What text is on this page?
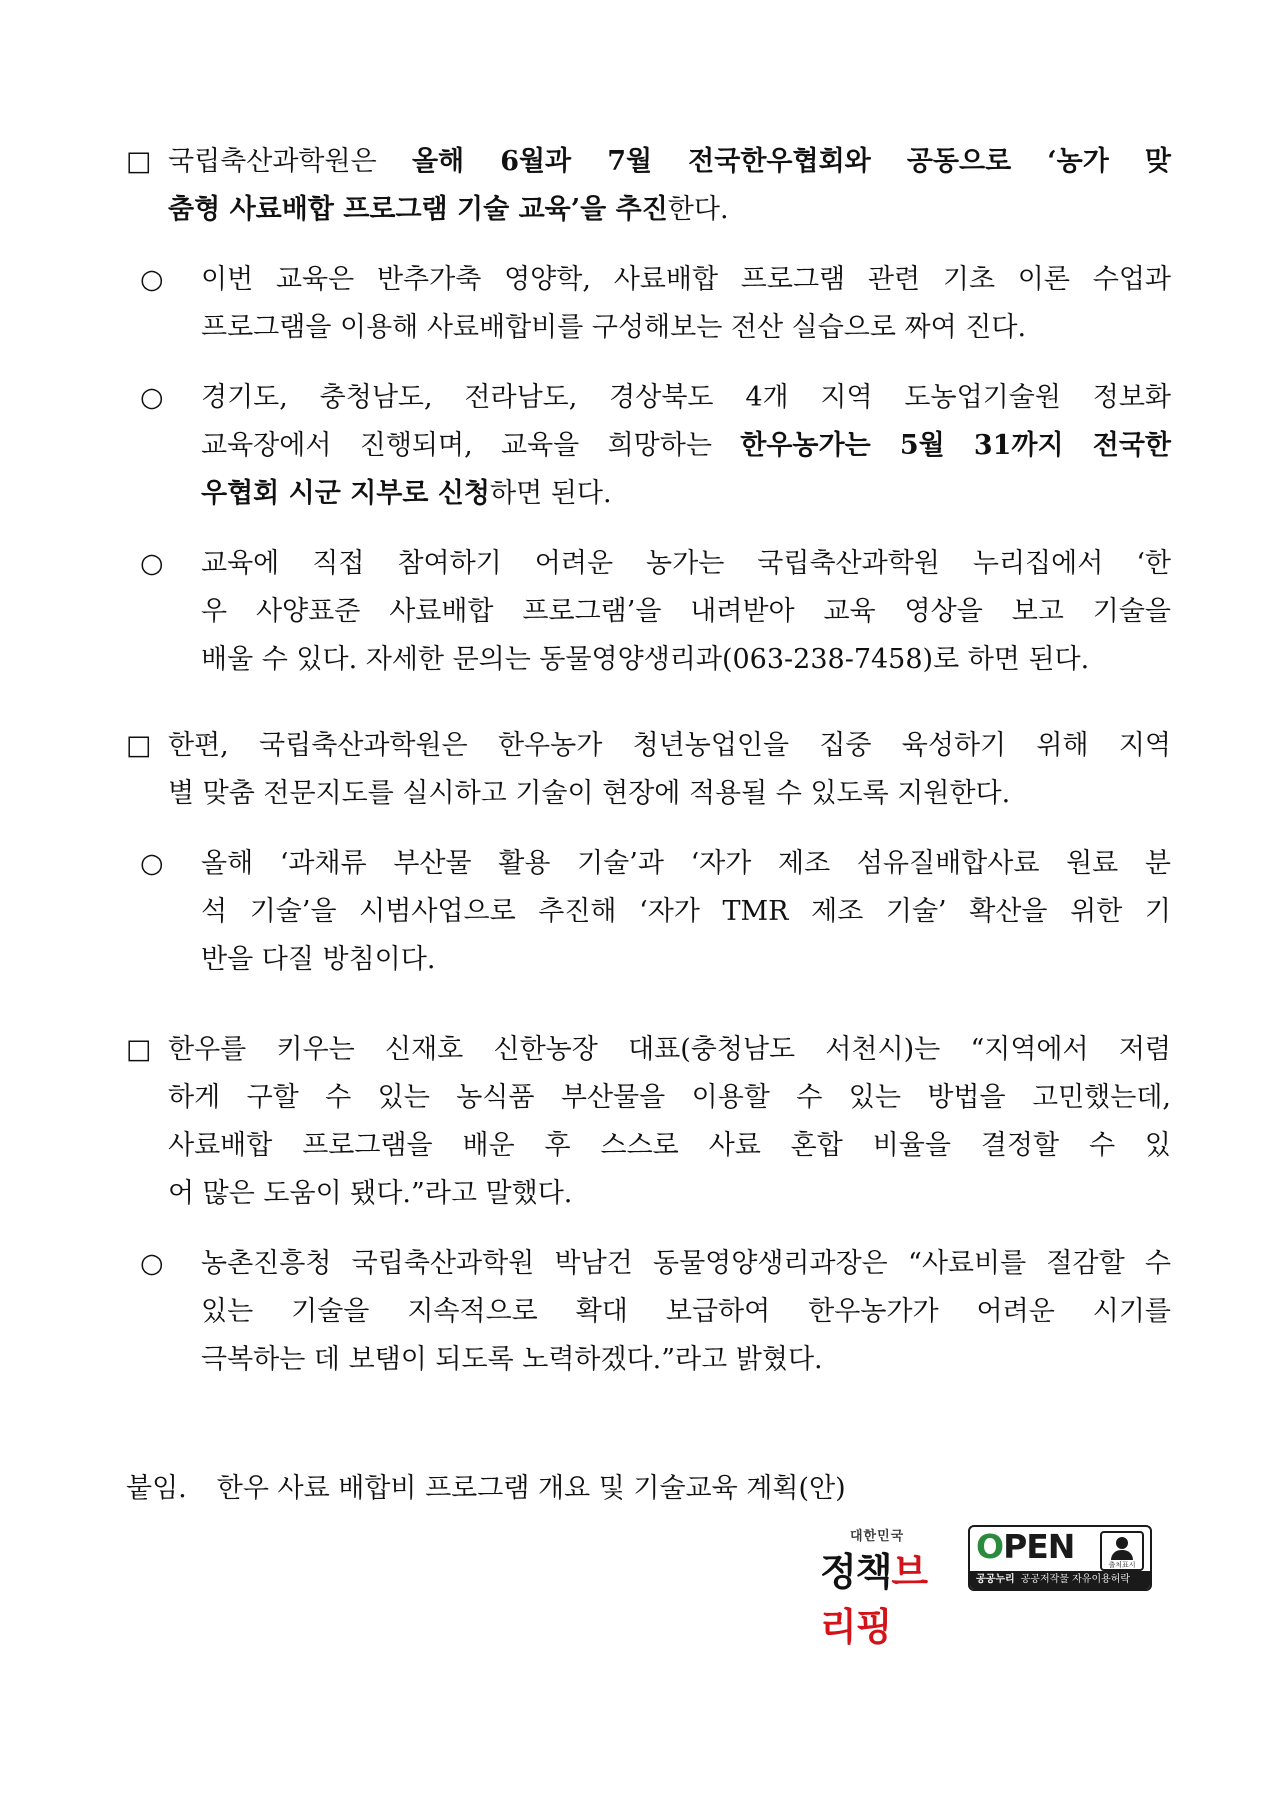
□ 국립축산과학원은 올해 6월과 7월 전국한우협회와 공동으로 ‘농가 맞
춤형 사료배합 프로그램 기술 교육’을 추진한다.
○ 이번 교육은 반추가축 영양학, 사료배합 프로그램 관련 기초 이론 수업과
프로그램을 이용해 사료배합비를 구성해보는 전산 실습으로 짜여 진다.
○ 경기도, 충청남도, 전라남도, 경상북도 4개 지역 도농업기술원 정보화
교육장에서 진행되며, 교육을 희망하는 한우농가는 5월 31까지 전국한
우협회 시군 지부로 신청하면 된다.
○ 교육에 직접 참여하기 어려운 농가는 국립축산과학원 누리집에서 ‘한
우 사양표준 사료배합 프로그램’을 내려받아 교육 영상을 보고 기술을
배울 수 있다. 자세한 문의는 동물영양생리과(063-238-7458)로 하면 된다.
□ 한편, 국립축산과학원은 한우농가 청년농업인을 집중 육성하기 위해 지역
별 맞춤 전문지도를 실시하고 기술이 현장에 적용될 수 있도록 지원한다.
○ 올해 ‘과채류 부산물 활용 기술’과 ‘자가 제조 섬유질배합사료 원료 분
석 기술’을 시범사업으로 추진해 ‘자가 TMR 제조 기술’ 확산을 위한 기
반을 다질 방침이다.
□ 한우를 키우는 신재호 신한농장 대표(충청남도 서천시)는 “지역에서 저렴
하게 구할 수 있는 농식품 부산물을 이용할 수 있는 방법을 고민했는데,
사료배합 프로그램을 배운 후 스스로 사료 혼합 비율을 결정할 수 있
어 많은 도움이 됐다.”라고 말했다.
○ 농촌진흥청 국립축산과학원 박남건 동물영양생리과장은 “사료비를 절감할 수
있는 기술을 지속적으로 확대 보급하여 한우농가가 어려운 시기를
극복하는 데 보탬이 되도록 노력하겠다.”라고 밝혔다.
붙임. 한우 사료 배합비 프로그램 개요 및 기술교육 계획(안)
대한민국
정책브리핑
OPEN	출처표시
공공누리 공공저작물 자유이용허락
